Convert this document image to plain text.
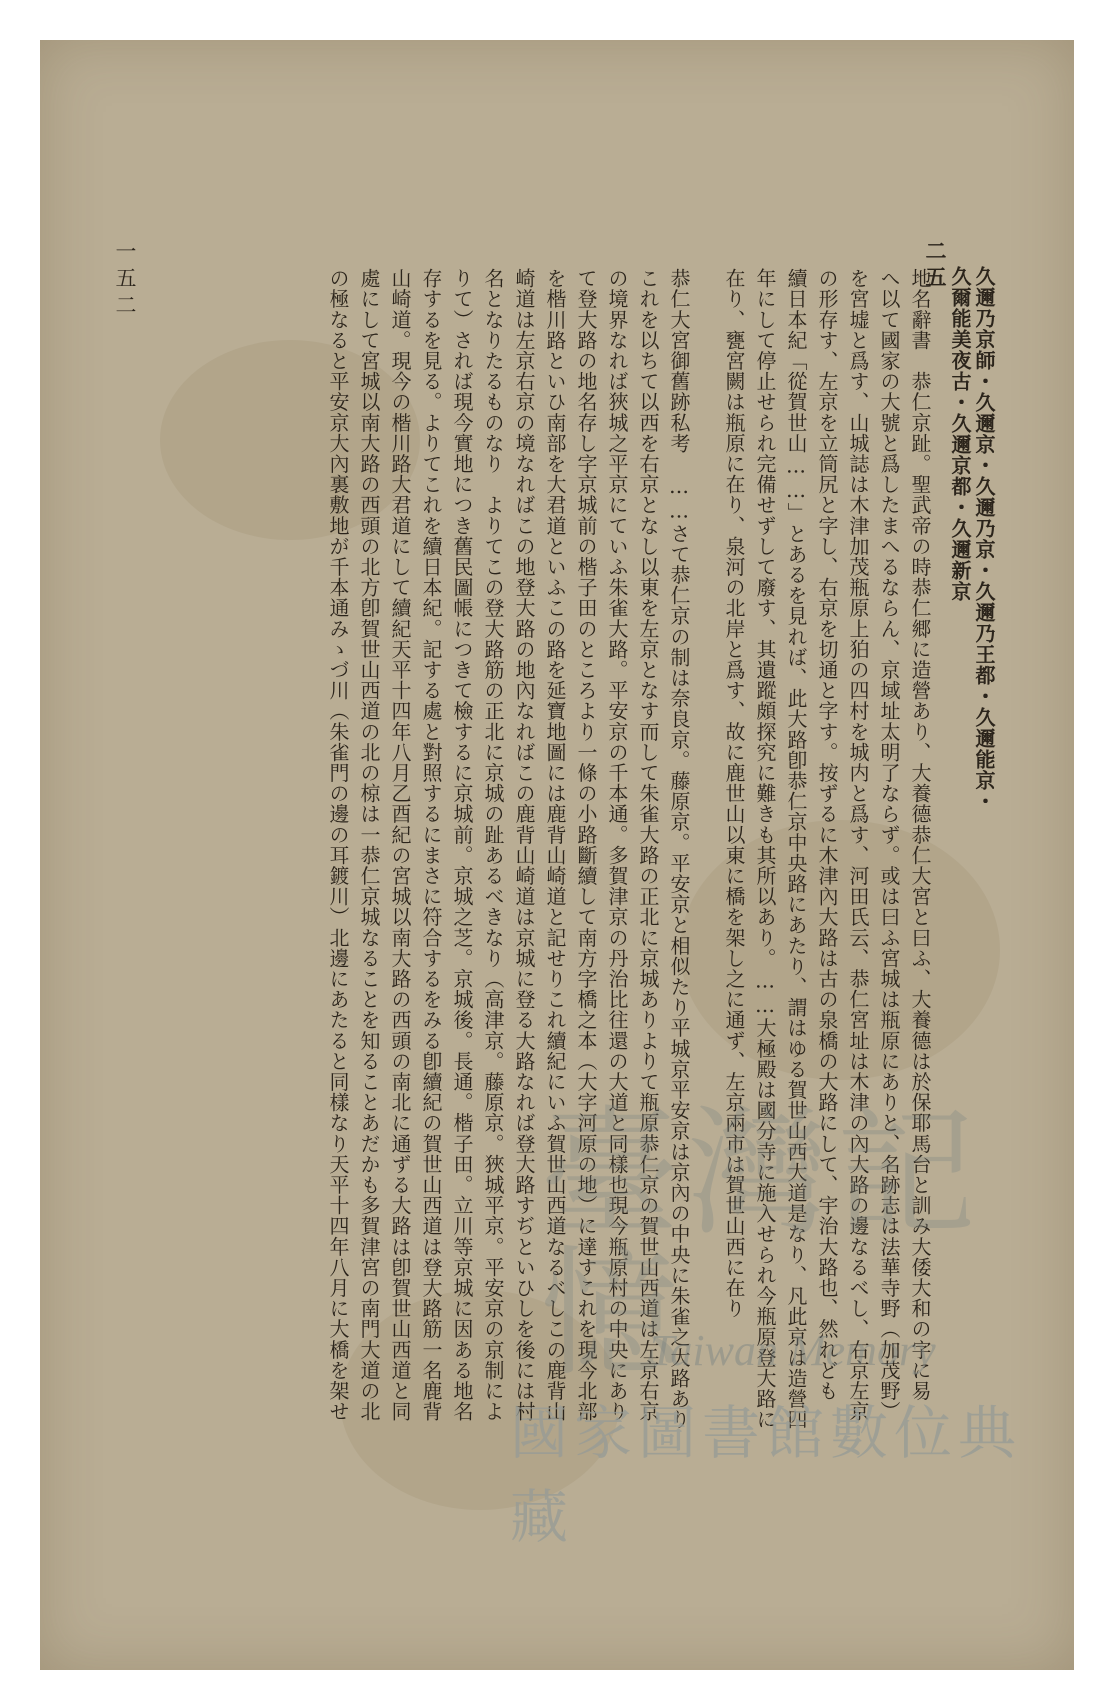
二五
一五二	久邇乃京師・久邇京・久邇乃京・久邇乃王都・久邇能京・
久爾能美夜古・久邇京都・久邇新京
地名辭書　恭仁京趾。聖武帝の時恭仁郷に造營あり、大養德恭仁大宮と曰ふ、大養德は於保耶馬台と訓み大倭大和の字に易
へ以て國家の大號と爲したまへるならん、京域址太明了ならず。或は曰ふ宮城は瓶原にありと、名跡志は法華寺野（加茂野）
を宮墟と爲す、山城誌は木津加茂瓶原上狛の四村を城内と爲す、河田氏云、恭仁宮址は木津の內大路の邊なるべし、右京左京
の形存す、左京を立筒尻と字し、右京を切通と字す。按ずるに木津內大路は古の泉橋の大路にして、宇治大路也、然れども
續日本紀「從賀世山……」とあるを見れば、此大路卽恭仁京中央路にあたり、謂はゆる賀世山西大道是なり、凡此京は造營四
年にして停止せられ完備せずして廢す、其遺蹤頗探究に難きも其所以あり。……大極殿は國分寺に施入せられ今瓶原登大路に
在り、甕宮闕は瓶原に在り、泉河の北岸と爲す、故に鹿世山以東に橋を架し之に通ず、左京兩市は賀世山西に在り
恭仁大宮御舊跡私考　……さて恭仁京の制は奈良京。藤原京。平安京と相似たり平城京平安京は京內の中央に朱雀之大路あり
これを以ちて以西を右京となし以東を左京となす而して朱雀大路の正北に京城ありよりて瓶原恭仁京の賀世山西道は左京右京
の境界なれば狹城之平京にていふ朱雀大路。平安京の千本通。多賀津京の丹治比往還の大道と同樣也現今瓶原村の中央にあり
て登大路の地名存し字京城前の楷子田のところより一條の小路斷續して南方字橋之本（大字河原の地）に達すこれを現今北部
を楷川路といひ南部を大君道といふこの路を延寶地圖には鹿背山崎道と記せりこれ續紀にいふ賀世山西道なるべしこの鹿背山
崎道は左京右京の境なればこの地登大路の地內なればこの鹿背山崎道は京城に登る大路なれば登大路すぢといひしを後には村
名となりたるものなり　よりてこの登大路筋の正北に京城の趾あるべきなり（高津京。藤原京。狹城平京。平安京の京制によ
りて）されば現今實地につき舊民圖帳につきて檢するに京城前。京城之芝。京城後。長通。楷子田。立川等京城に因ある地名
存するを見る。よりてこれを續日本紀。記する處と對照するにまさに符合するをみる卽續紀の賀世山西道は登大路筋一名鹿背
山崎道。現今の楷川路大君道にして續紀天平十四年八月乙酉紀の宮城以南大路の西頭の南北に通ずる大路は卽賀世山西道と同
處にして宮城以南大路の西頭の北方卽賀世山西道の北の椋は一恭仁京城なることを知ることあだかも多賀津宮の南門大道の北
の極なると平安京大內裏敷地が千本通みゝづ川（朱雀門の邊の耳鍍川）北邊にあたると同樣なり天平十四年八月に大橋を架せ 臺灣記憶
Taiwan Memory
國家圖書館數位典藏
